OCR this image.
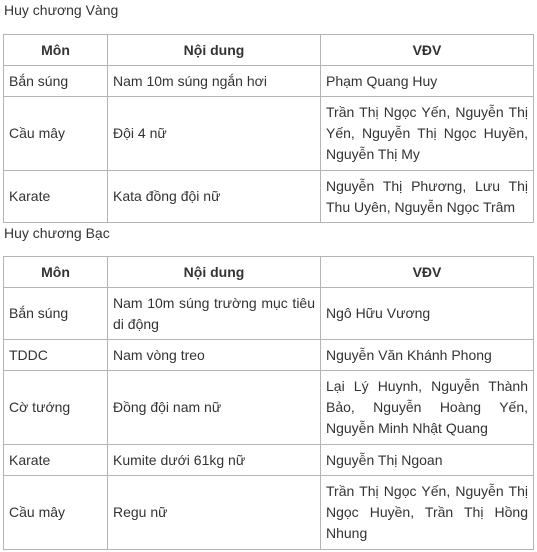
Huy chương Vàng

Môn	Nội dung	VĐV
Bắn súng	Nam 10m súng ngắn hơi	Phạm Quang Huy
Cầu mây	Đội 4 nữ	Trần Thị Ngọc Yến, Nguyễn Thị Yến, Nguyễn Thị Ngọc Huyền, Nguyễn Thị My
Karate	Kata đồng đội nữ	Nguyễn Thị Phương, Lưu Thị Thu Uyên, Nguyễn Ngọc Trâm

Huy chương Bạc

Môn	Nội dung	VĐV
Bắn súng	Nam 10m súng trường mục tiêu di động	Ngô Hữu Vương
TDDC	Nam vòng treo	Nguyễn Văn Khánh Phong
Cờ tướng	Đồng đội nam nữ	Lại Lý Huynh, Nguyễn Thành Bảo, Nguyễn Hoàng Yến, Nguyễn Minh Nhật Quang
Karate	Kumite dưới 61kg nữ	Nguyễn Thị Ngoan
Cầu mây	Regu nữ	Trần Thị Ngọc Yến, Nguyễn Thị Ngọc Huyền, Trần Thị Hồng Nhung
